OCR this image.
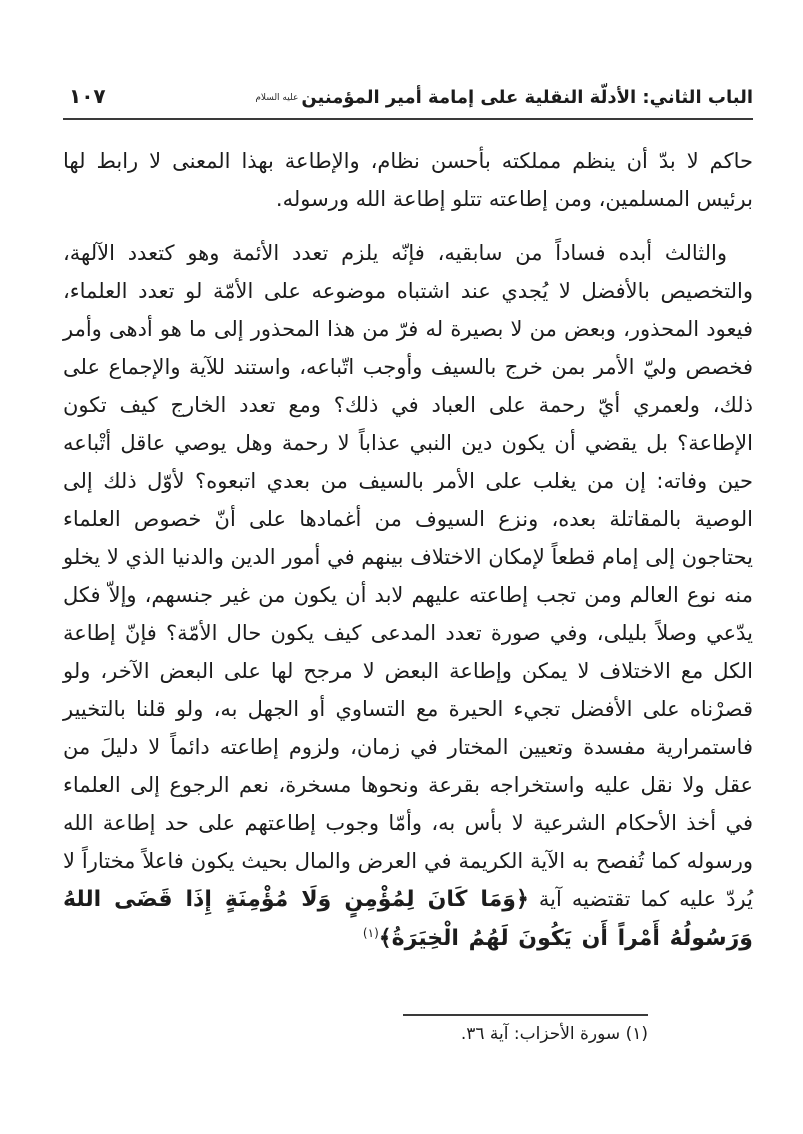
الباب الثاني: الأدلّة النقلية على إمامة أمير المؤمنينعليه السلام
١٠٧

حاكم لا بدّ أن ينظم مملكته بأحسن نظام، والإطاعة بهذا المعنى لا رابط لها برئيس المسلمين، ومن إطاعته تتلو إطاعة الله ورسوله.

والثالث أبده فساداً من سابقيه، فإنّه يلزم تعدد الأئمة وهو كتعدد الآلهة، والتخصيص بالأفضل لا يُجدي عند اشتباه موضوعه على الأمّة لو تعدد العلماء، فيعود المحذور، وبعض من لا بصيرة له فرّ من هذا المحذور إلى ما هو أدهى وأمر فخصص وليّ الأمر بمن خرج بالسيف وأوجب اتّباعه، واستند للآية والإجماع على ذلك، ولعمري أيّ رحمة على العباد في ذلك؟ ومع تعدد الخارج كيف تكون الإطاعة؟ بل يقضي أن يكون دين النبي عذاباً لا رحمة وهل يوصي عاقل أتْباعه حين وفاته: إن من يغلب على الأمر بالسيف من بعدي اتبعوه؟ لأوّل ذلك إلى الوصية بالمقاتلة بعده، ونزع السيوف من أغمادها على أنّ خصوص العلماء يحتاجون إلى إمام قطعاً لإمكان الاختلاف بينهم في أمور الدين والدنيا الذي لا يخلو منه نوع العالم ومن تجب إطاعته عليهم لابد أن يكون من غير جنسهم، وإلاّ فكل يدّعي وصلاً بليلى، وفي صورة تعدد المدعى كيف يكون حال الأمّة؟ فإنّ إطاعة الكل مع الاختلاف لا يمكن وإطاعة البعض لا مرجح لها على البعض الآخر، ولو قصرْناه على الأفضل تجيء الحيرة مع التساوي أو الجهل به، ولو قلنا بالتخيير فاستمرارية مفسدة وتعيين المختار في زمان، ولزوم إطاعته دائماً لا دليلَ من عقل ولا نقل عليه واستخراجه بقرعة ونحوها مسخرة، نعم الرجوع إلى العلماء في أخذ الأحكام الشرعية لا بأس به، وأمّا وجوب إطاعتهم على حد إطاعة الله ورسوله كما تُفصح به الآية الكريمة في العرض والمال بحيث يكون فاعلاً مختاراً لا يُردّ عليه كما تقتضيه آية ﴿وَمَا كَانَ لِمُؤْمِنٍ وَلَا مُؤْمِنَةٍ إِذَا قَضَى اللهُ وَرَسُولُهُ أَمْراً أَن يَكُونَ لَهُمُ الْخِيَرَةُ﴾$^{(١)}$

(١) سورة الأحزاب: آية ٣٦.
